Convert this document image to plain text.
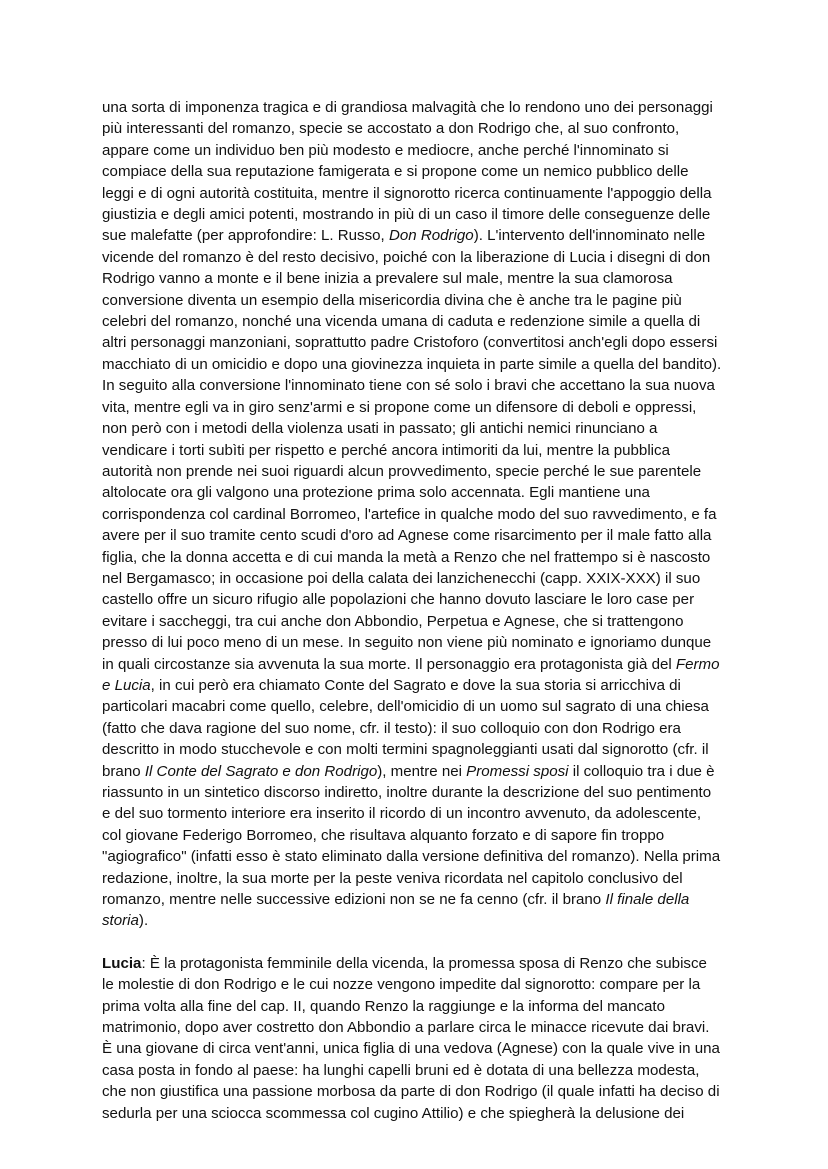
una sorta di imponenza tragica e di grandiosa malvagità che lo rendono uno dei personaggi
più interessanti del romanzo, specie se accostato a don Rodrigo che, al suo confronto,
appare come un individuo ben più modesto e mediocre, anche perché l'innominato si
compiace della sua reputazione famigerata e si propone come un nemico pubblico delle
leggi e di ogni autorità costituita, mentre il signorotto ricerca continuamente l'appoggio della
giustizia e degli amici potenti, mostrando in più di un caso il timore delle conseguenze delle
sue malefatte (per approfondire: L. Russo, Don Rodrigo). L'intervento dell'innominato nelle
vicende del romanzo è del resto decisivo, poiché con la liberazione di Lucia i disegni di don
Rodrigo vanno a monte e il bene inizia a prevalere sul male, mentre la sua clamorosa
conversione diventa un esempio della misericordia divina che è anche tra le pagine più
celebri del romanzo, nonché una vicenda umana di caduta e redenzione simile a quella di
altri personaggi manzoniani, soprattutto padre Cristoforo (convertitosi anch'egli dopo essersi
macchiato di un omicidio e dopo una giovinezza inquieta in parte simile a quella del bandito).
In seguito alla conversione l'innominato tiene con sé solo i bravi che accettano la sua nuova
vita, mentre egli va in giro senz'armi e si propone come un difensore di deboli e oppressi,
non però con i metodi della violenza usati in passato; gli antichi nemici rinunciano a
vendicare i torti subìti per rispetto e perché ancora intimoriti da lui, mentre la pubblica
autorità non prende nei suoi riguardi alcun provvedimento, specie perché le sue parentele
altolocate ora gli valgono una protezione prima solo accennata. Egli mantiene una
corrispondenza col cardinal Borromeo, l'artefice in qualche modo del suo ravvedimento, e fa
avere per il suo tramite cento scudi d'oro ad Agnese come risarcimento per il male fatto alla
figlia, che la donna accetta e di cui manda la metà a Renzo che nel frattempo si è nascosto
nel Bergamasco; in occasione poi della calata dei lanzichenecchi (capp. XXIX-XXX) il suo
castello offre un sicuro rifugio alle popolazioni che hanno dovuto lasciare le loro case per
evitare i saccheggi, tra cui anche don Abbondio, Perpetua e Agnese, che si trattengono
presso di lui poco meno di un mese. In seguito non viene più nominato e ignoriamo dunque
in quali circostanze sia avvenuta la sua morte. Il personaggio era protagonista già del Fermo
e Lucia, in cui però era chiamato Conte del Sagrato e dove la sua storia si arricchiva di
particolari macabri come quello, celebre, dell'omicidio di un uomo sul sagrato di una chiesa
(fatto che dava ragione del suo nome, cfr. il testo): il suo colloquio con don Rodrigo era
descritto in modo stucchevole e con molti termini spagnoleggianti usati dal signorotto (cfr. il
brano Il Conte del Sagrato e don Rodrigo), mentre nei Promessi sposi il colloquio tra i due è
riassunto in un sintetico discorso indiretto, inoltre durante la descrizione del suo pentimento
e del suo tormento interiore era inserito il ricordo di un incontro avvenuto, da adolescente,
col giovane Federigo Borromeo, che risultava alquanto forzato e di sapore fin troppo
"agiografico" (infatti esso è stato eliminato dalla versione definitiva del romanzo). Nella prima
redazione, inoltre, la sua morte per la peste veniva ricordata nel capitolo conclusivo del
romanzo, mentre nelle successive edizioni non se ne fa cenno (cfr. il brano Il finale della
storia).

Lucia: È la protagonista femminile della vicenda, la promessa sposa di Renzo che subisce
le molestie di don Rodrigo e le cui nozze vengono impedite dal signorotto: compare per la
prima volta alla fine del cap. II, quando Renzo la raggiunge e la informa del mancato
matrimonio, dopo aver costretto don Abbondio a parlare circa le minacce ricevute dai bravi.
È una giovane di circa vent'anni, unica figlia di una vedova (Agnese) con la quale vive in una
casa posta in fondo al paese: ha lunghi capelli bruni ed è dotata di una bellezza modesta,
che non giustifica una passione morbosa da parte di don Rodrigo (il quale infatti ha deciso di
sedurla per una sciocca scommessa col cugino Attilio) e che spiegherà la delusione dei
